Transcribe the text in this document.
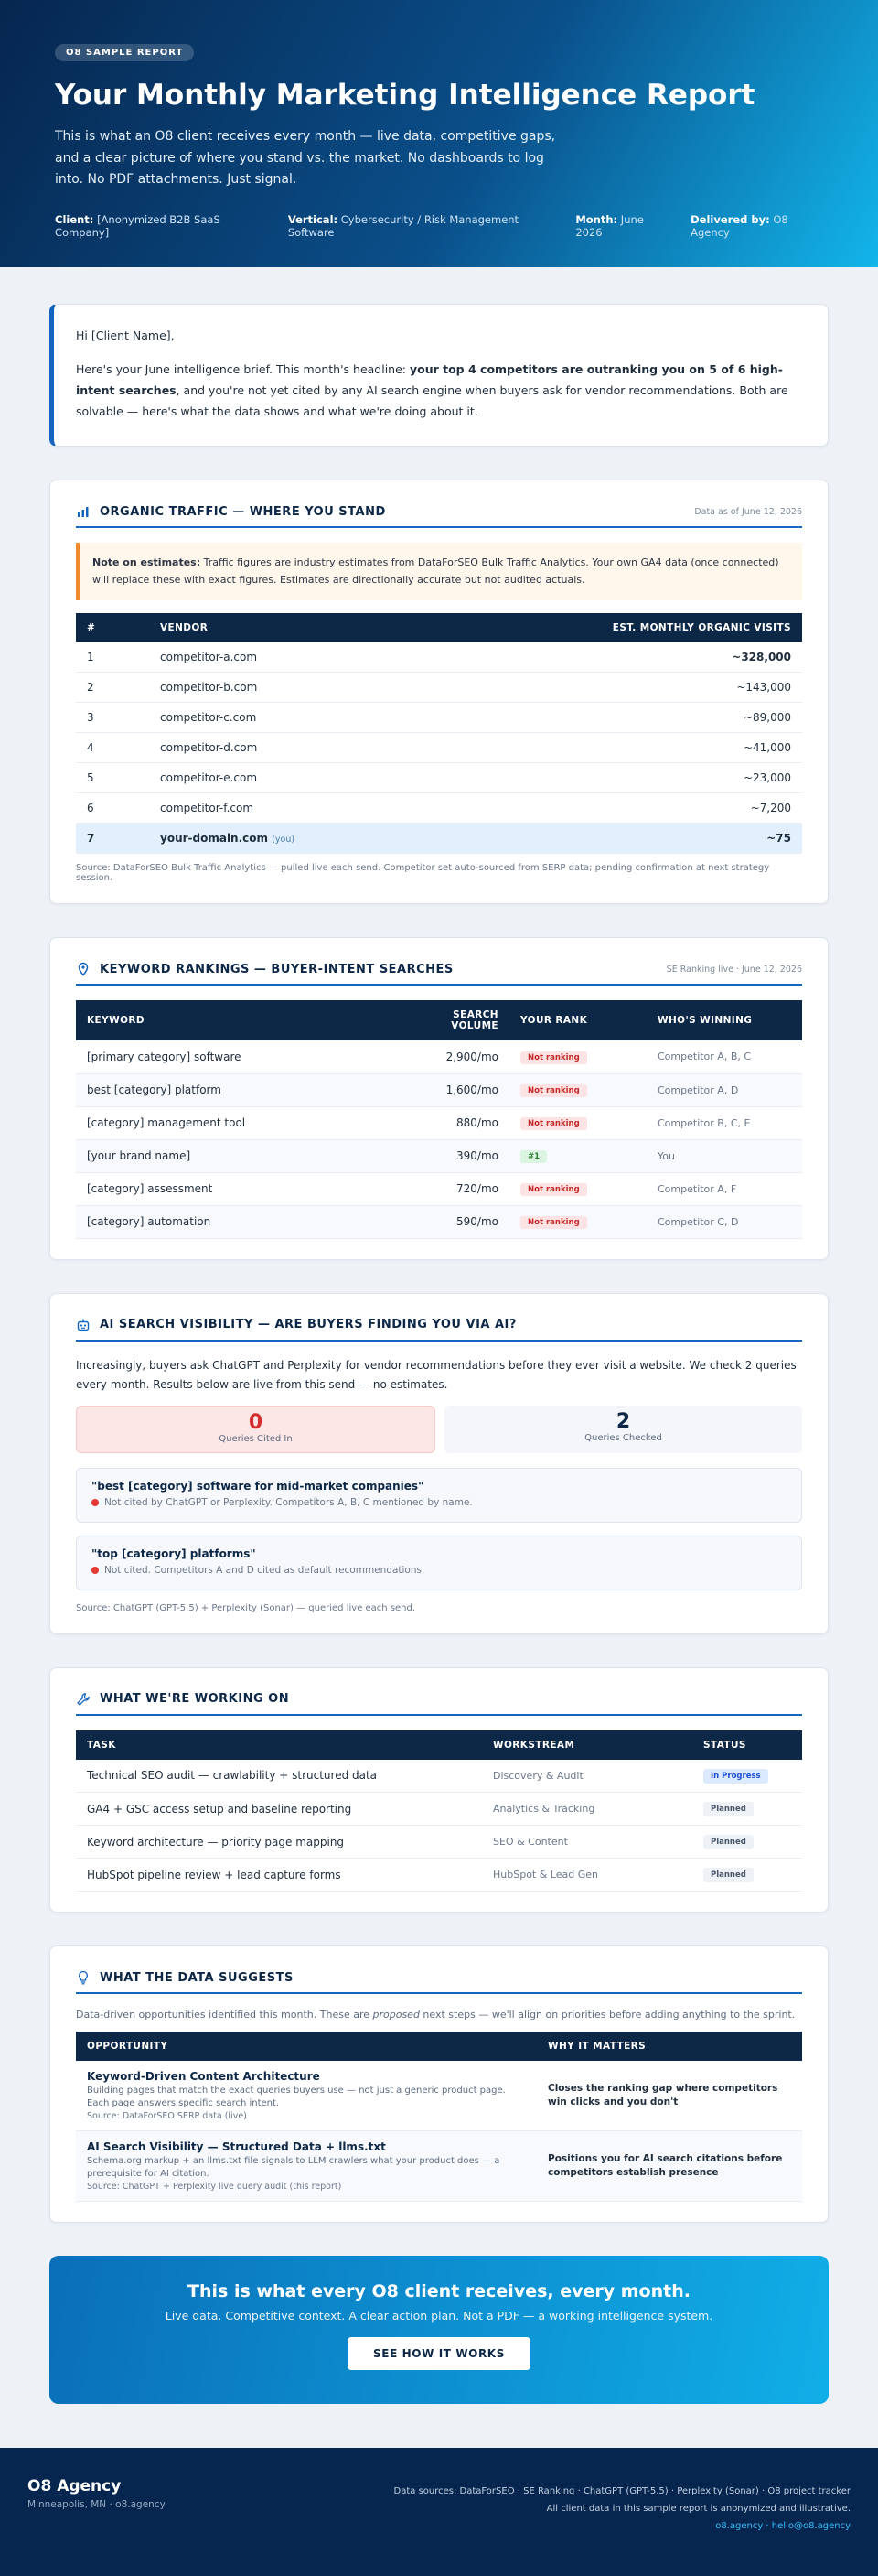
O8 SAMPLE REPORT
Your Monthly Marketing Intelligence Report

This is what an O8 client receives every month — live data, competitive gaps, and a clear picture of where you stand vs. the market. No dashboards to log into. No PDF attachments. Just signal.

Client: [Anonymized B2B SaaS Company]
Vertical: Cybersecurity / Risk Management Software
Month: June 2026
Delivered by: O8 Agency

Hi [Client Name],

Here's your June intelligence brief. This month's headline: your top 4 competitors are outranking you on 5 of 6 high-intent searches, and you're not yet cited by any AI search engine when buyers ask for vendor recommendations. Both are solvable — here's what the data shows and what we're doing about it.

ORGANIC TRAFFIC — WHERE YOU STAND	Data as of June 12, 2026
Note on estimates: Traffic figures are industry estimates from DataForSEO Bulk Traffic Analytics. Your own GA4 data (once connected) will replace these with exact figures. Estimates are directionally accurate but not audited actuals.
#	VENDOR	EST. MONTHLY ORGANIC VISITS
1	competitor-a.com	~328,000
2	competitor-b.com	~143,000
3	competitor-c.com	~89,000
4	competitor-d.com	~41,000
5	competitor-e.com	~23,000
6	competitor-f.com	~7,200
7	your-domain.com (you)	~75

Source: DataForSEO Bulk Traffic Analytics — pulled live each send. Competitor set auto-sourced from SERP data; pending confirmation at next strategy session.

KEYWORD RANKINGS — BUYER-INTENT SEARCHES	SE Ranking live · June 12, 2026
KEYWORD	SEARCH VOLUME	YOUR RANK	WHO'S WINNING
[primary category] software	2,900/mo	Not ranking	Competitor A, B, C
best [category] platform	1,600/mo	Not ranking	Competitor A, D
[category] management tool	880/mo	Not ranking	Competitor B, C, E
[your brand name]	390/mo	#1	You
[category] assessment	720/mo	Not ranking	Competitor A, F
[category] automation	590/mo	Not ranking	Competitor C, D
AI SEARCH VISIBILITY — ARE BUYERS FINDING YOU VIA AI?

Increasingly, buyers ask ChatGPT and Perplexity for vendor recommendations before they ever visit a website. We check 2 queries every month. Results below are live from this send — no estimates.

0
Queries Cited In
2
Queries Checked
"best [category] software for mid-market companies"
Not cited by ChatGPT or Perplexity. Competitors A, B, C mentioned by name.
"top [category] platforms"
Not cited. Competitors A and D cited as default recommendations.

Source: ChatGPT (GPT-5.5) + Perplexity (Sonar) — queried live each send.

WHAT WE'RE WORKING ON
TASK	WORKSTREAM	STATUS
Technical SEO audit — crawlability + structured data	Discovery & Audit	In Progress
GA4 + GSC access setup and baseline reporting	Analytics & Tracking	Planned
Keyword architecture — priority page mapping	SEO & Content	Planned
HubSpot pipeline review + lead capture forms	HubSpot & Lead Gen	Planned
WHAT THE DATA SUGGESTS

Data-driven opportunities identified this month. These are proposed next steps — we'll align on priorities before adding anything to the sprint.

OPPORTUNITY	WHY IT MATTERS

Keyword-Driven Content Architecture
Building pages that match the exact queries buyers use — not just a generic product page. Each page answers specific search intent.
Source: DataForSEO SERP data (live)	Closes the ranking gap where competitors win clicks and you don't

AI Search Visibility — Structured Data + llms.txt
Schema.org markup + an llms.txt file signals to LLM crawlers what your product does — a prerequisite for AI citation.
Source: ChatGPT + Perplexity live query audit (this report)	Positions you for AI search citations before competitors establish presence
This is what every O8 client receives, every month.

Live data. Competitive context. A clear action plan. Not a PDF — a working intelligence system.

SEE HOW IT WORKS
O8 Agency
Minneapolis, MN · o8.agency
Data sources: DataForSEO · SE Ranking · ChatGPT (GPT-5.5) · Perplexity (Sonar) · O8 project tracker
All client data in this sample report is anonymized and illustrative.
o8.agency · hello@o8.agency
